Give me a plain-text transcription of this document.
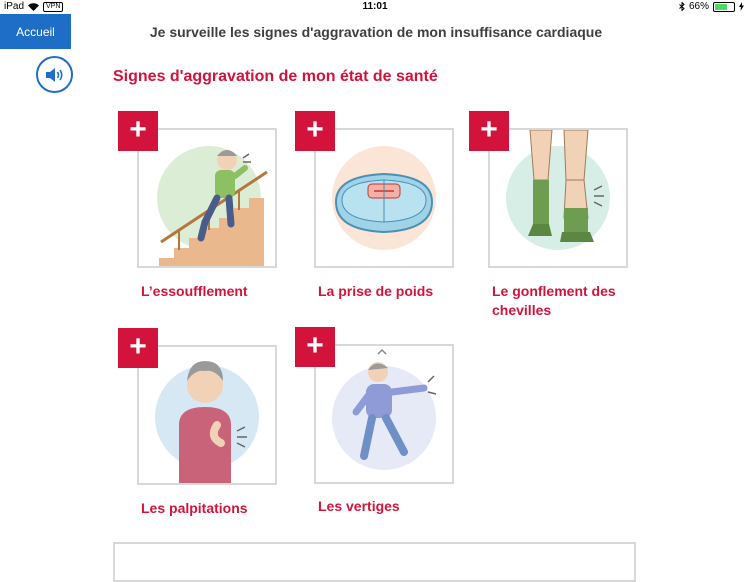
iPad	VPN	11:01	66%
Accueil	Je surveille les signes d'aggravation de mon insuffisance cardiaque
Signes d'aggravation de mon état de santé
+
L’essoufflement
+
La prise de poids
+
Le gonflement des chevilles
+
Les palpitations
+
Les vertiges
